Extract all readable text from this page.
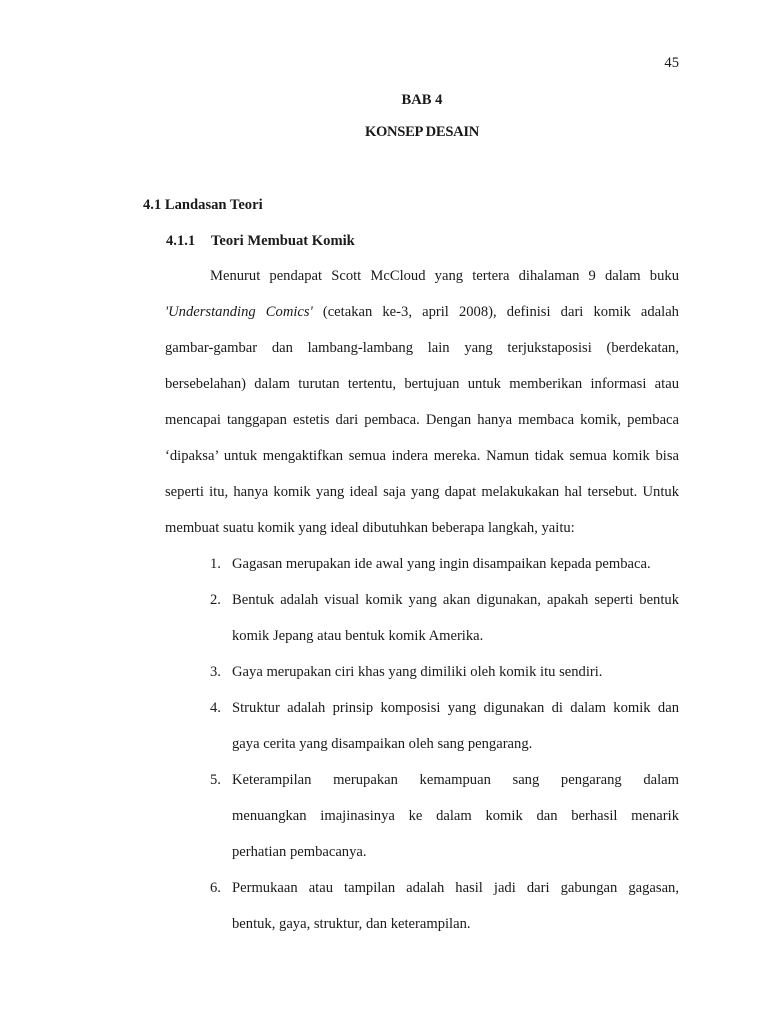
45
BAB 4
KONSEP DESAIN
4.1 Landasan Teori
4.1.1 Teori Membuat Komik
Menurut pendapat Scott McCloud yang tertera dihalaman 9 dalam buku
'Understanding Comics' (cetakan ke-3, april 2008), definisi dari komik adalah
gambar-gambar dan lambang-lambang lain yang terjukstaposisi (berdekatan,
bersebelahan) dalam turutan tertentu, bertujuan untuk memberikan informasi atau
mencapai tanggapan estetis dari pembaca. Dengan hanya membaca komik, pembaca
‘dipaksa’ untuk mengaktifkan semua indera mereka. Namun tidak semua komik bisa
seperti itu, hanya komik yang ideal saja yang dapat melakukakan hal tersebut. Untuk
membuat suatu komik yang ideal dibutuhkan beberapa langkah, yaitu:
1. Gagasan merupakan ide awal yang ingin disampaikan kepada pembaca.
2. Bentuk adalah visual komik yang akan digunakan, apakah seperti bentuk
komik Jepang atau bentuk komik Amerika.
3. Gaya merupakan ciri khas yang dimiliki oleh komik itu sendiri.
4. Struktur adalah prinsip komposisi yang digunakan di dalam komik dan
gaya cerita yang disampaikan oleh sang pengarang.
5. Keterampilan merupakan kemampuan sang pengarang dalam
menuangkan imajinasinya ke dalam komik dan berhasil menarik
perhatian pembacanya.
6. Permukaan atau tampilan adalah hasil jadi dari gabungan gagasan,
bentuk, gaya, struktur, dan keterampilan.
